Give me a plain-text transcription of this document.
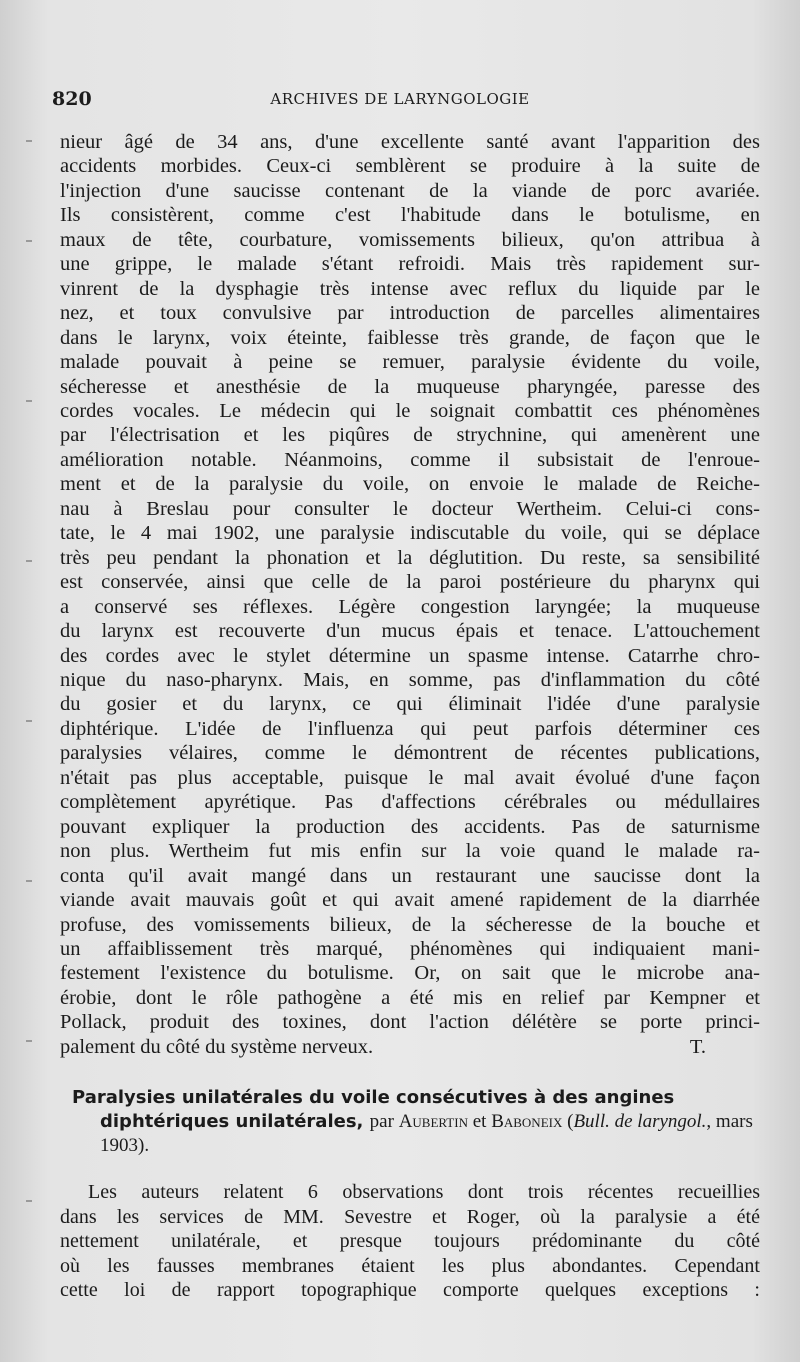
820	ARCHIVES DE LARYNGOLOGIE
nieur âgé de 34 ans, d'une excellente santé avant l'apparition des
accidents morbides. Ceux-ci semblèrent se produire à la suite de
l'injection d'une saucisse contenant de la viande de porc avariée.
Ils consistèrent, comme c'est l'habitude dans le botulisme, en
maux de tête, courbature, vomissements bilieux, qu'on attribua à
une grippe, le malade s'étant refroidi. Mais très rapidement sur-
vinrent de la dysphagie très intense avec reflux du liquide par le
nez, et toux convulsive par introduction de parcelles alimentaires
dans le larynx, voix éteinte, faiblesse très grande, de façon que le
malade pouvait à peine se remuer, paralysie évidente du voile,
sécheresse et anesthésie de la muqueuse pharyngée, paresse des
cordes vocales. Le médecin qui le soignait combattit ces phénomènes
par l'électrisation et les piqûres de strychnine, qui amenèrent une
amélioration notable. Néanmoins, comme il subsistait de l'enroue-
ment et de la paralysie du voile, on envoie le malade de Reiche-
nau à Breslau pour consulter le docteur Wertheim. Celui-ci cons-
tate, le 4 mai 1902, une paralysie indiscutable du voile, qui se déplace
très peu pendant la phonation et la déglutition. Du reste, sa sensibilité
est conservée, ainsi que celle de la paroi postérieure du pharynx qui
a conservé ses réflexes. Légère congestion laryngée; la muqueuse
du larynx est recouverte d'un mucus épais et tenace. L'attouchement
des cordes avec le stylet détermine un spasme intense. Catarrhe chro-
nique du naso-pharynx. Mais, en somme, pas d'inflammation du côté
du gosier et du larynx, ce qui éliminait l'idée d'une paralysie
diphtérique. L'idée de l'influenza qui peut parfois déterminer ces
paralysies vélaires, comme le démontrent de récentes publications,
n'était pas plus acceptable, puisque le mal avait évolué d'une façon
complètement apyrétique. Pas d'affections cérébrales ou médullaires
pouvant expliquer la production des accidents. Pas de saturnisme
non plus. Wertheim fut mis enfin sur la voie quand le malade ra-
conta qu'il avait mangé dans un restaurant une saucisse dont la
viande avait mauvais goût et qui avait amené rapidement de la diarrhée
profuse, des vomissements bilieux, de la sécheresse de la bouche et
un affaiblissement très marqué, phénomènes qui indiquaient mani-
festement l'existence du botulisme. Or, on sait que le microbe ana-
érobie, dont le rôle pathogène a été mis en relief par Kempner et
Pollack, produit des toxines, dont l'action délétère se porte princi-
palement du côté du système nerveux.	T.
Paralysies unilatérales du voile consécutives à des angines
diphtériques unilatérales, par Aubertin et Baboneix (Bull. de laryngol., mars 1903).
Les auteurs relatent 6 observations dont trois récentes recueillies
dans les services de MM. Sevestre et Roger, où la paralysie a été
nettement unilatérale, et presque toujours prédominante du côté
où les fausses membranes étaient les plus abondantes. Cependant
cette loi de rapport topographique comporte quelques exceptions :
